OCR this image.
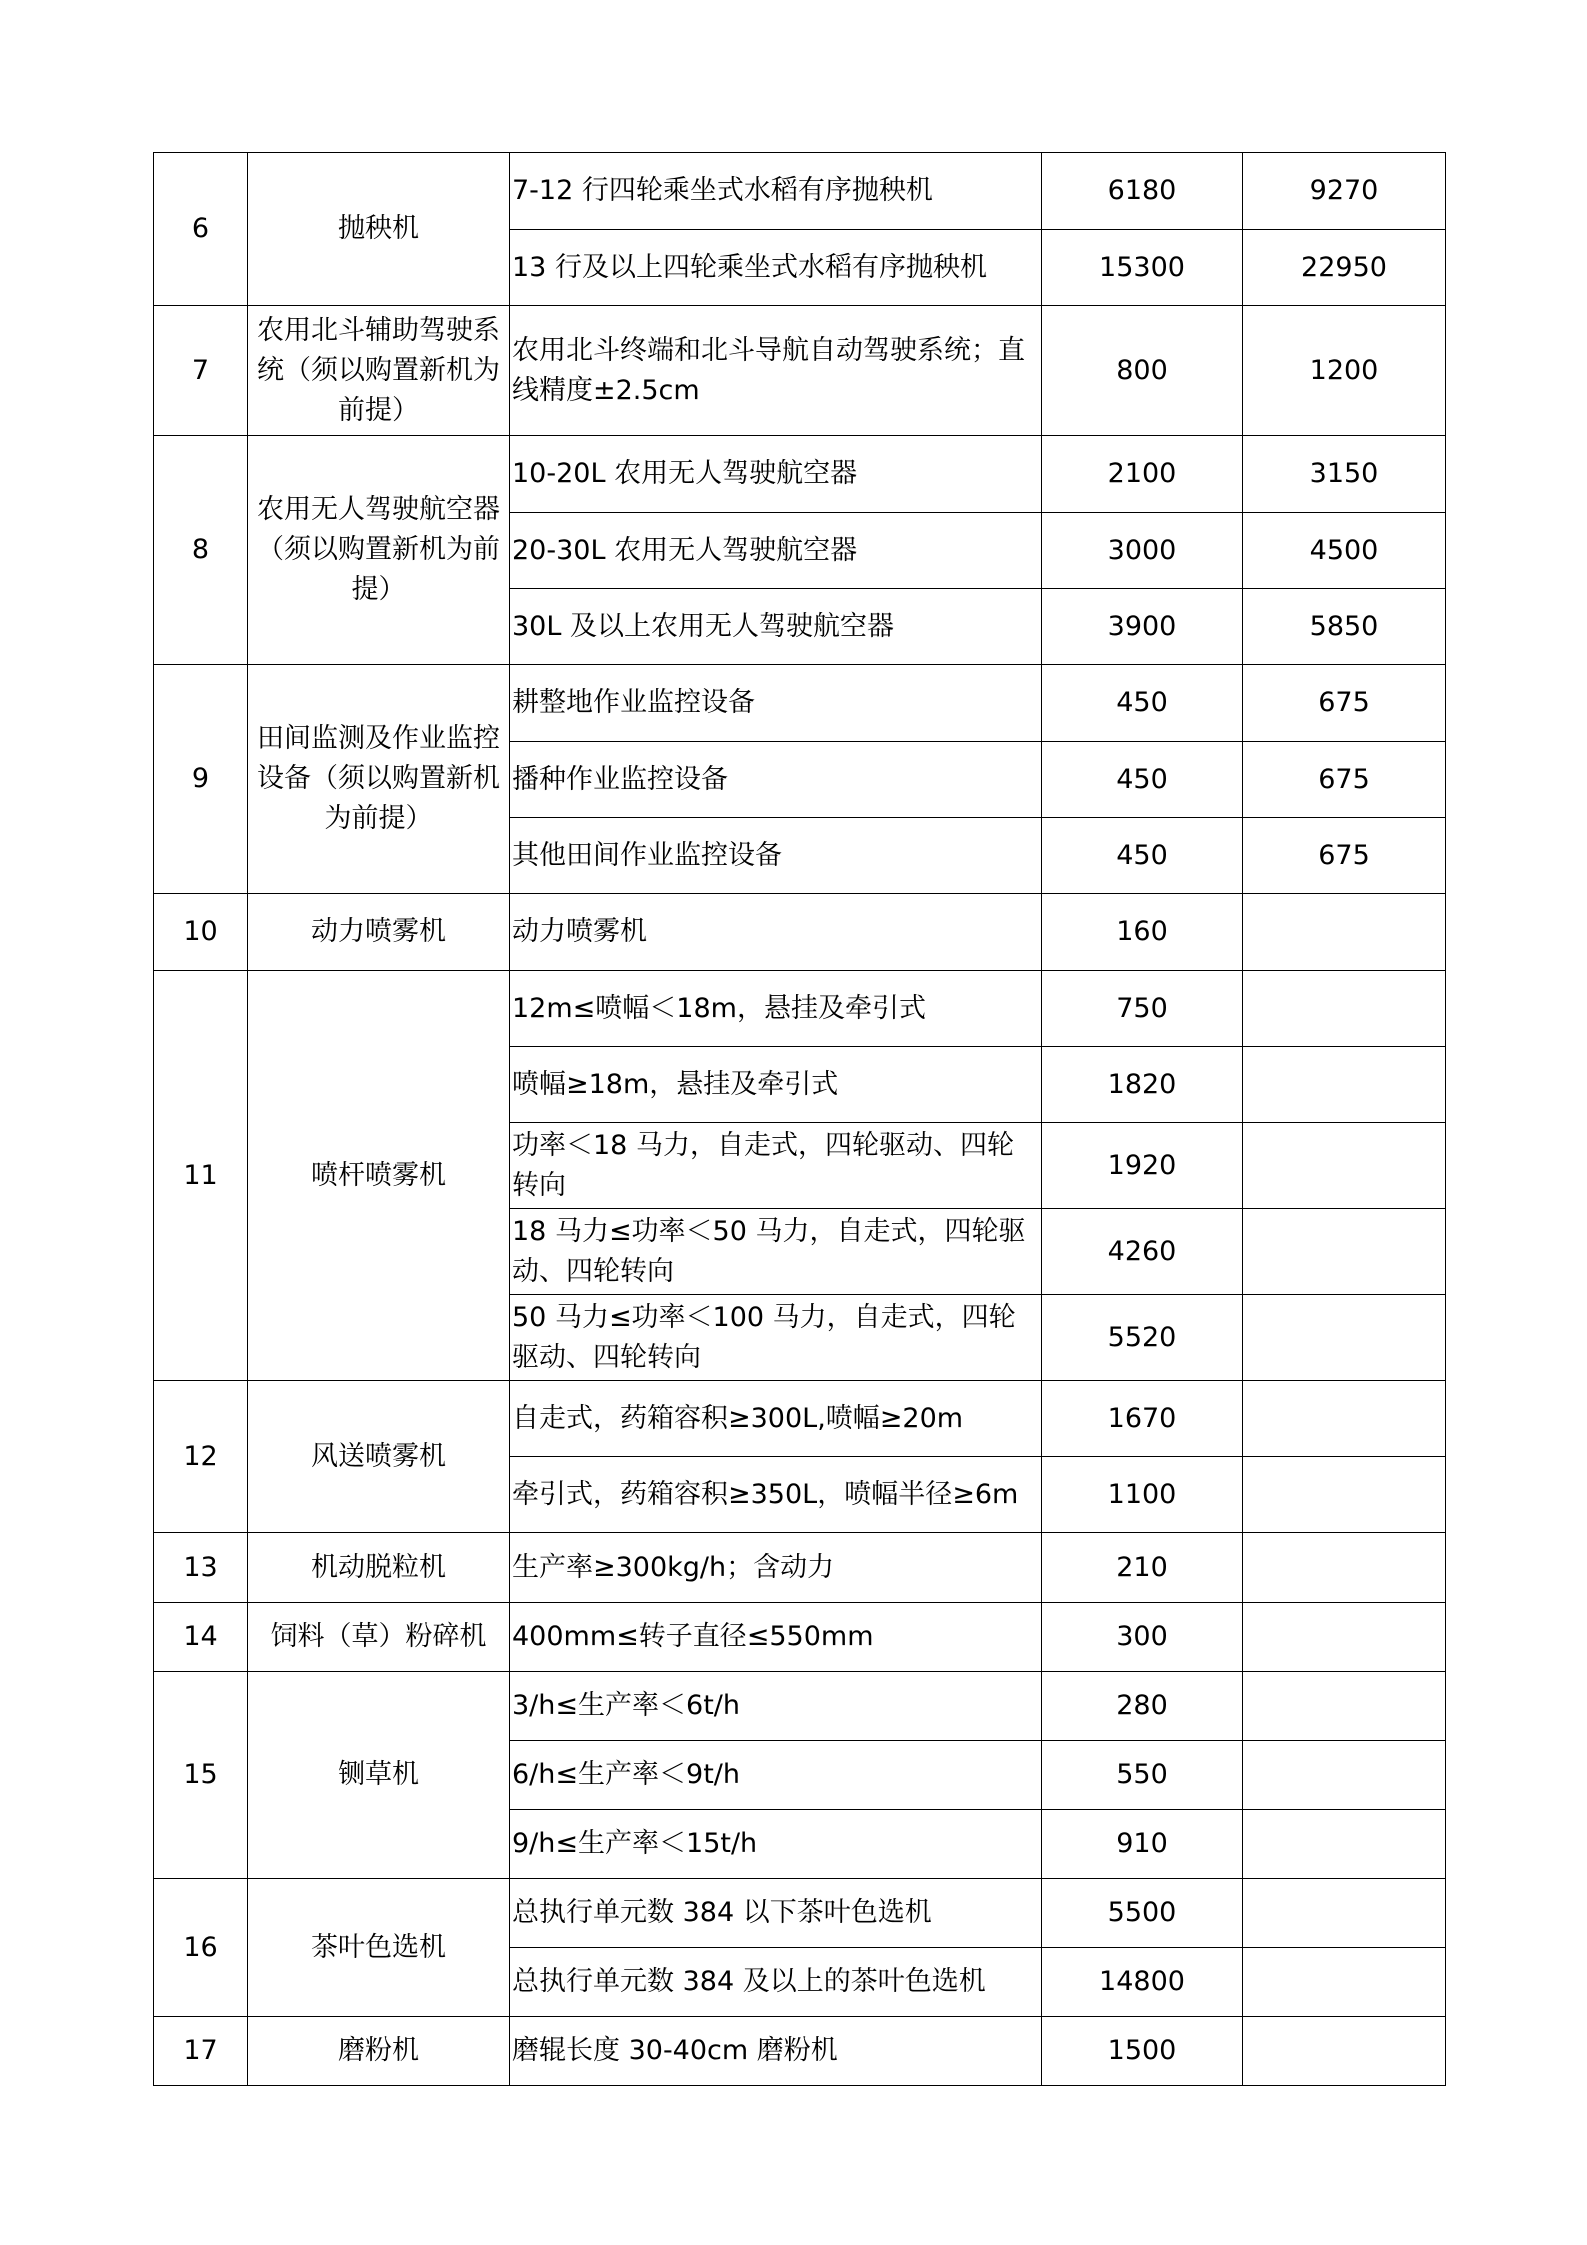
6	抛秧机	7-12 行四轮乘坐式水稻有序抛秧机	6180	9270

		13 行及以上四轮乘坐式水稻有序抛秧机	15300	22950

7	农用北斗辅助驾驶系统（须以购置新机为前提）	农用北斗终端和北斗导航自动驾驶系统；直线精度±2.5cm	800	1200

8	农用无人驾驶航空器（须以购置新机为前提）	10-20L 农用无人驾驶航空器	2100	3150

		20-30L 农用无人驾驶航空器	3000	4500

		30L 及以上农用无人驾驶航空器	3900	5850

9	田间监测及作业监控设备（须以购置新机为前提）	耕整地作业监控设备	450	675

		播种作业监控设备	450	675

		其他田间作业监控设备	450	675

10	动力喷雾机	动力喷雾机	160	

11	喷杆喷雾机	12m≤喷幅＜18m，悬挂及牵引式	750	

		喷幅≥18m，悬挂及牵引式	1820	

		功率＜18 马力，自走式，四轮驱动、四轮转向	1920	

		18 马力≤功率＜50 马力，自走式，四轮驱动、四轮转向	4260	

		50 马力≤功率＜100 马力，自走式，四轮驱动、四轮转向	5520	

12	风送喷雾机	自走式，药箱容积≥300L,喷幅≥20m	1670	

		牵引式，药箱容积≥350L，喷幅半径≥6m	1100	

13	机动脱粒机	生产率≥300kg/h；含动力	210	

14	饲料（草）粉碎机	400mm≤转子直径≤550mm	300	

15	铡草机	3/h≤生产率＜6t/h	280	

		6/h≤生产率＜9t/h	550	

		9/h≤生产率＜15t/h	910	

16	茶叶色选机	总执行单元数 384 以下茶叶色选机	5500	

		总执行单元数 384 及以上的茶叶色选机	14800	

17	磨粉机	磨辊长度 30-40cm 磨粉机	1500	
